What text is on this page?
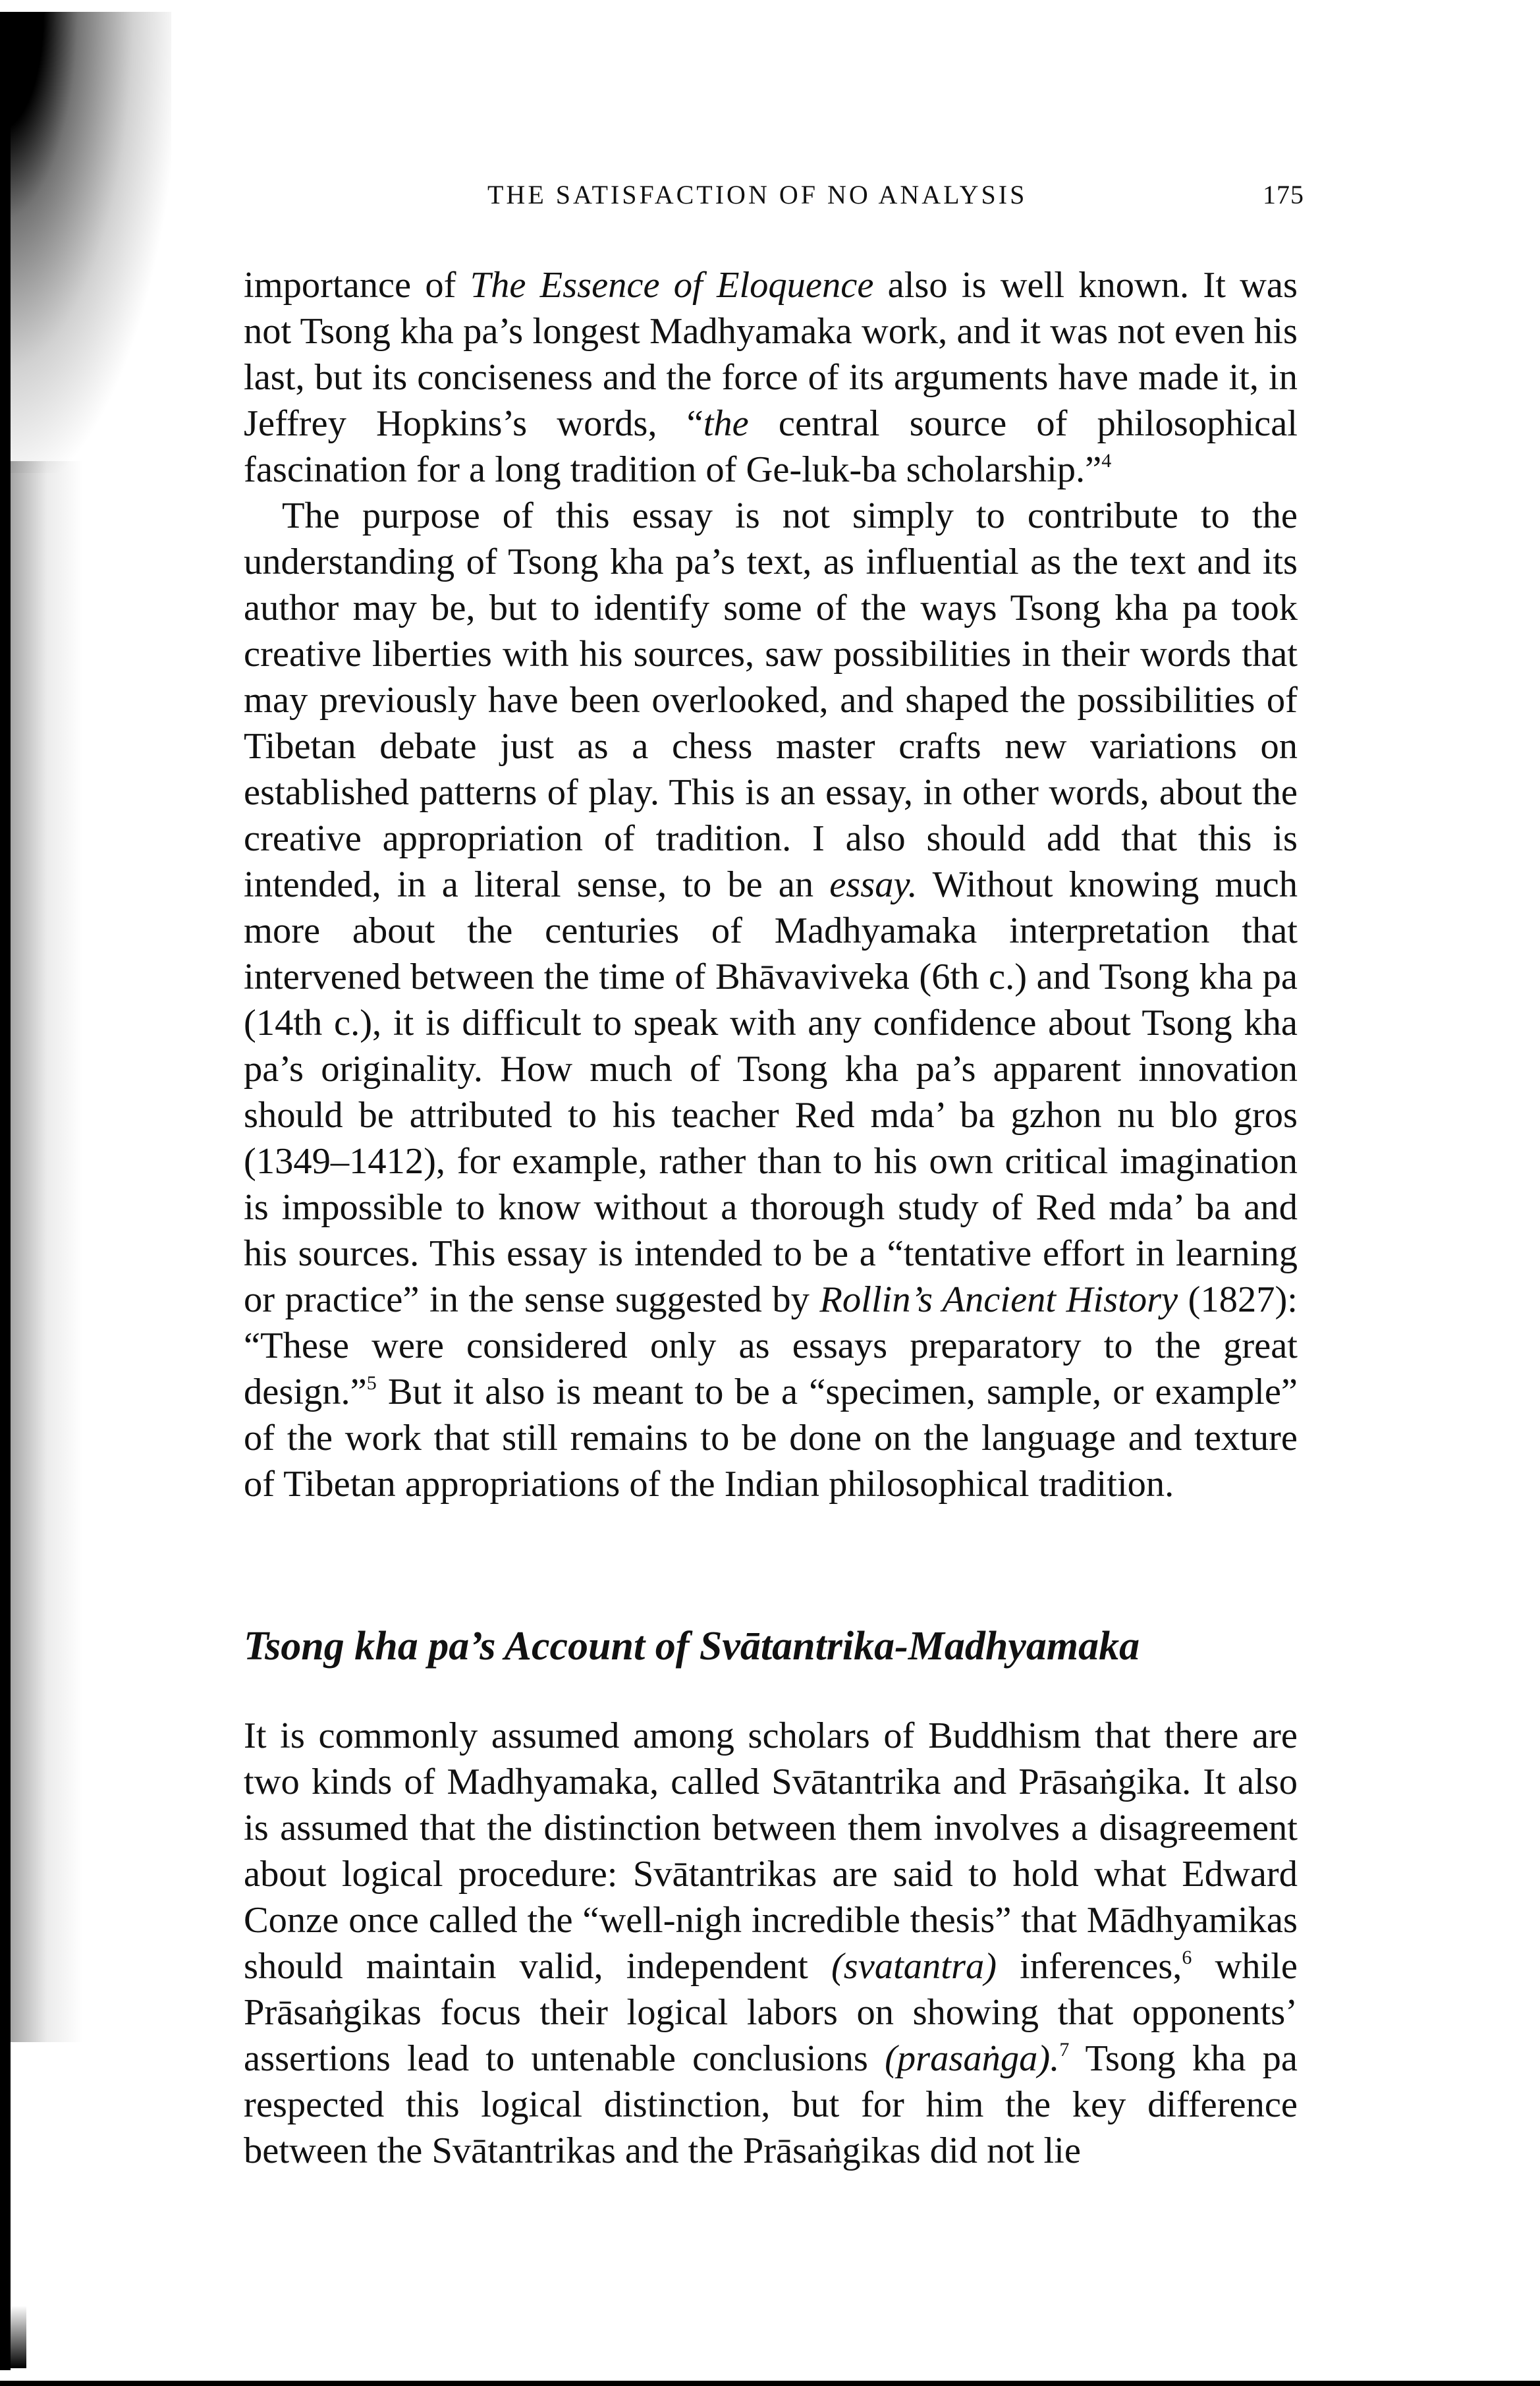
THE SATISFACTION OF NO ANALYSIS	175

importance of The Essence of Eloquence also is well known. It was not Tsong kha pa’s longest Madhyamaka work, and it was not even his last, but its conciseness and the force of its arguments have made it, in Jeffrey Hopkins’s words, “the central source of philosophical fascination for a long tradition of Ge-luk-ba scholarship.”$^4$

The purpose of this essay is not simply to contribute to the understanding of Tsong kha pa’s text, as influential as the text and its author may be, but to identify some of the ways Tsong kha pa took creative liberties with his sources, saw possibilities in their words that may previously have been overlooked, and shaped the possibilities of Tibetan debate just as a chess master crafts new variations on established patterns of play. This is an essay, in other words, about the creative appropriation of tradition. I also should add that this is intended, in a literal sense, to be an essay. Without knowing much more about the centuries of Madhyamaka interpretation that intervened between the time of Bhāvaviveka (6th c.) and Tsong kha pa (14th c.), it is difficult to speak with any confidence about Tsong kha pa’s originality. How much of Tsong kha pa’s apparent innovation should be attributed to his teacher Red mda’ ba gzhon nu blo gros (1349–1412), for example, rather than to his own critical imagination is impossible to know without a thorough study of Red mda’ ba and his sources. This essay is intended to be a “tentative effort in learning or practice” in the sense suggested by Rollin’s Ancient History (1827): “These were considered only as essays preparatory to the great design.”$^5$ But it also is meant to be a “specimen, sample, or example” of the work that still remains to be done on the language and texture of Tibetan appropriations of the Indian philosophical tradition.

Tsong kha pa’s Account of Svātantrika-Madhyamaka

It is commonly assumed among scholars of Buddhism that there are two kinds of Madhyamaka, called Svātantrika and Prāsaṅgika. It also is assumed that the distinction between them involves a disagreement about logical procedure: Svātantrikas are said to hold what Edward Conze once called the “well-nigh incredible thesis” that Mādhyamikas should maintain valid, independent (svatantra) inferences,$^6$ while Prāsaṅgikas focus their logical labors on showing that opponents’ assertions lead to untenable conclusions (prasaṅga).$^7$ Tsong kha pa respected this logical distinction, but for him the key difference between the Svātantrikas and the Prāsaṅgikas did not lie
